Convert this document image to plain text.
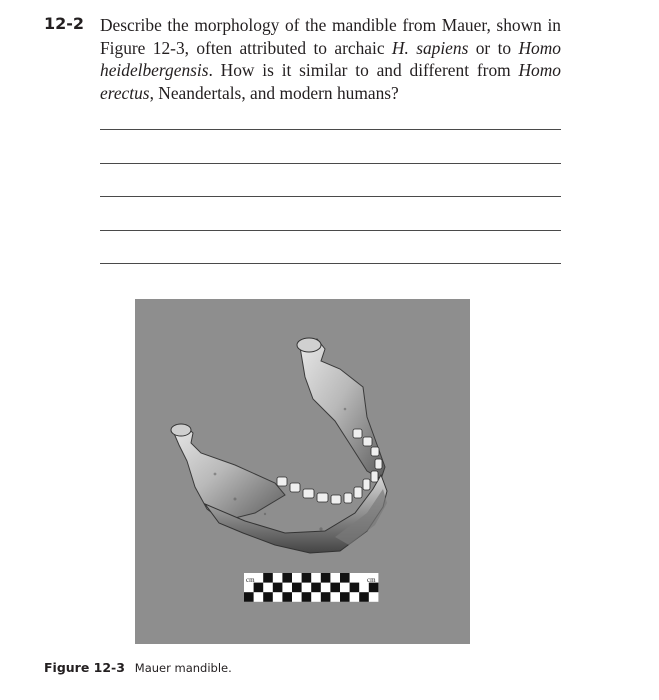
12-2 Describe the morphology of the mandible from Mauer, shown in Figure 12-3, often attributed to archaic H. sapiens or to Homo heidelbergensis. How is it similar to and different from Homo erectus, Neandertals, and modern humans?

cm	cm
Figure 12-3 Mauer mandible.
